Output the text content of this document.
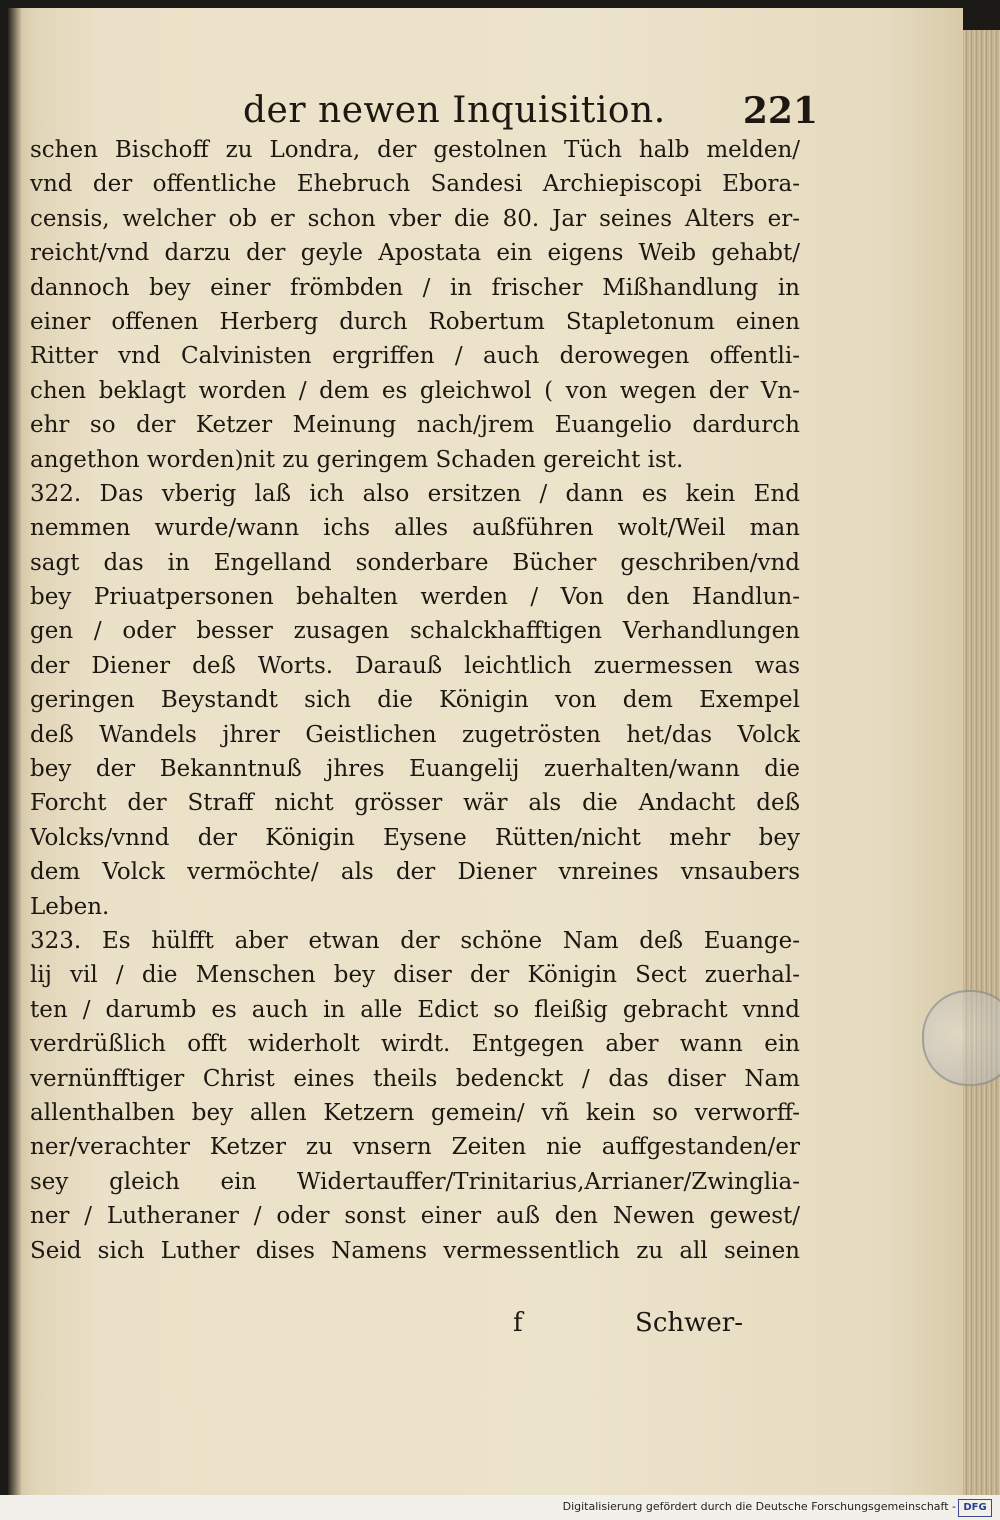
der newen Inquisition. 221
schen Bischoff zu Londra, der gestolnen Tüch halb melden/
vnd der offentliche Ehebruch Sandesi Archiepiscopi Ebora-
censis, welcher ob er schon vber die 80. Jar seines Alters er-
reicht/vnd darzu der geyle Apostata ein eigens Weib gehabt/
dannoch bey einer frömbden / in frischer Mißhandlung in
einer offenen Herberg durch Robertum Stapletonum einen
Ritter vnd Calvinisten ergriffen / auch derowegen offentli-
chen beklagt worden / dem es gleichwol ( von wegen der Vn-
ehr so der Ketzer Meinung nach/jrem Euangelio dardurch
angethon worden)nit zu geringem Schaden gereicht ist.
322. Das vberig laß ich also ersitzen / dann es kein End
nemmen wurde/wann ichs alles außführen wolt/Weil man
sagt das in Engelland sonderbare Bücher geschriben/vnd
bey Priuatpersonen behalten werden / Von den Handlun-
gen / oder besser zusagen schalckhafftigen Verhandlungen
der Diener deß Worts. Darauß leichtlich zuermessen was
geringen Beystandt sich die Königin von dem Exempel
deß Wandels jhrer Geistlichen zugetrösten het/das Volck
bey der Bekanntnuß jhres Euangelij zuerhalten/wann die
Forcht der Straff nicht grösser wär als die Andacht deß
Volcks/vnnd der Königin Eysene Rütten/nicht mehr bey
dem Volck vermöchte/ als der Diener vnreines vnsaubers
Leben.
323. Es hülfft aber etwan der schöne Nam deß Euange-
lij vil / die Menschen bey diser der Königin Sect zuerhal-
ten / darumb es auch in alle Edict so fleißig gebracht vnnd
verdrüßlich offt widerholt wirdt. Entgegen aber wann ein
vernünfftiger Christ eines theils bedenckt / das diser Nam
allenthalben bey allen Ketzern gemein/ vñ kein so verworff-
ner/verachter Ketzer zu vnsern Zeiten nie auffgestanden/er
sey gleich ein Widertauffer/Trinitarius,Arrianer/Zwinglia-
ner / Lutheraner / oder sonst einer auß den Newen gewest/
Seid sich Luther dises Namens vermessentlich zu all seinen
f	Schwer-
Digitalisierung gefördert durch die Deutsche Forschungsgemeinschaft - DFG
